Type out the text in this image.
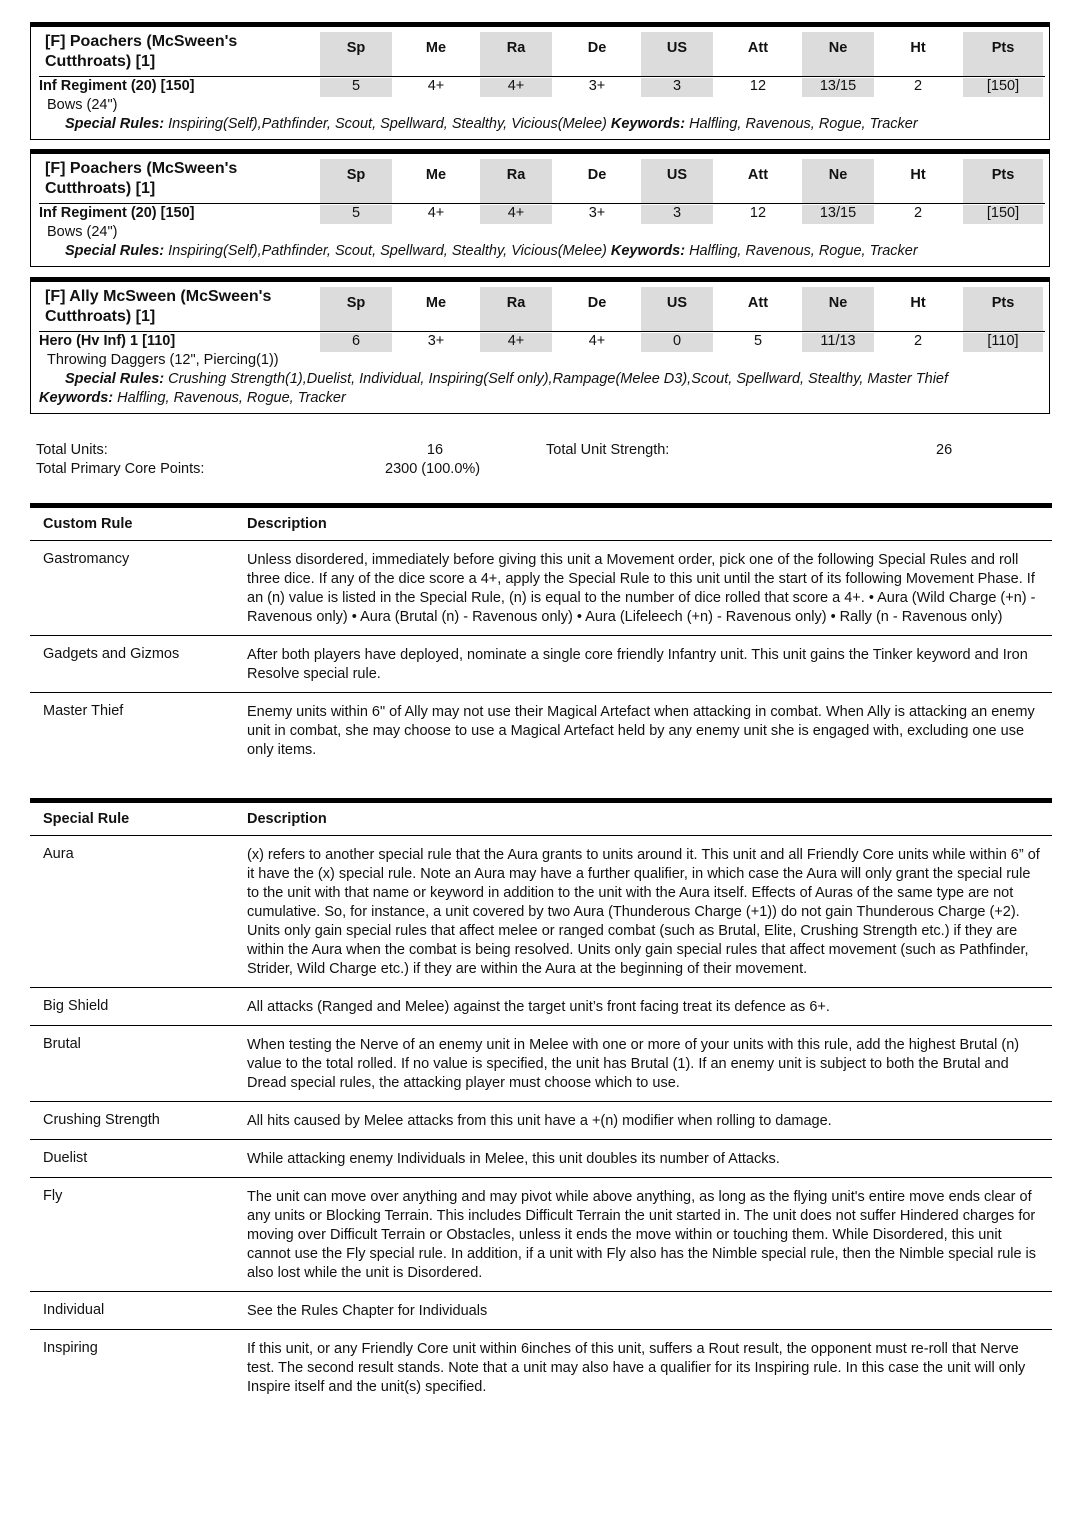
[F] Poachers (McSween's Cutthroats) [1]
Sp	Me	Ra	De	US	Att	Ne	Ht	Pts
Inf Regiment (20) [150]	5	4+	4+	3+	3	12	13/15	2	[150]
Bows (24")
Special Rules: Inspiring(Self),Pathfinder, Scout, Spellward, Stealthy, Vicious(Melee) Keywords: Halfling, Ravenous, Rogue, Tracker
[F] Poachers (McSween's Cutthroats) [1]
Sp	Me	Ra	De	US	Att	Ne	Ht	Pts
Inf Regiment (20) [150]	5	4+	4+	3+	3	12	13/15	2	[150]
Bows (24")
Special Rules: Inspiring(Self),Pathfinder, Scout, Spellward, Stealthy, Vicious(Melee) Keywords: Halfling, Ravenous, Rogue, Tracker
[F] Ally McSween (McSween's Cutthroats) [1]
Sp	Me	Ra	De	US	Att	Ne	Ht	Pts
Hero (Hv Inf) 1 [110]	6	3+	4+	4+	0	5	11/13	2	[110]
Throwing Daggers (12", Piercing(1))
Special Rules: Crushing Strength(1),Duelist, Individual, Inspiring(Self only),Rampage(Melee D3),Scout, Spellward, Stealthy, Master Thief
Keywords: Halfling, Ravenous, Rogue, Tracker
Total Units:	16
Total Primary Core Points:	2300 (100.0%)
Total Unit Strength:	26
Custom Rule	Description
Gastromancy	Unless disordered, immediately before giving this unit a Movement order, pick one of the following Special Rules and roll three dice. If any of the dice score a 4+, apply the Special Rule to this unit until the start of its following Movement Phase. If an (n) value is listed in the Special Rule, (n) is equal to the number of dice rolled that score a 4+. • Aura (Wild Charge (+n) - Ravenous only) • Aura (Brutal (n) - Ravenous only) • Aura (Lifeleech (+n) - Ravenous only) • Rally (n - Ravenous only)
Gadgets and Gizmos	After both players have deployed, nominate a single core friendly Infantry unit. This unit gains the Tinker keyword and Iron Resolve special rule.
Master Thief	Enemy units within 6" of Ally may not use their Magical Artefact when attacking in combat. When Ally is attacking an enemy unit in combat, she may choose to use a Magical Artefact held by any enemy unit she is engaged with, excluding one use only items.
Special Rule	Description
Aura	(x) refers to another special rule that the Aura grants to units around it. This unit and all Friendly Core units while within 6” of it have the (x) special rule. Note an Aura may have a further qualifier, in which case the Aura will only grant the special rule to the unit with that name or keyword in addition to the unit with the Aura itself. Effects of Auras of the same type are not cumulative. So, for instance, a unit covered by two Aura (Thunderous Charge (+1)) do not gain Thunderous Charge (+2). Units only gain special rules that affect melee or ranged combat (such as Brutal, Elite, Crushing Strength etc.) if they are within the Aura when the combat is being resolved. Units only gain special rules that affect movement (such as Pathfinder, Strider, Wild Charge etc.) if they are within the Aura at the beginning of their movement.
Big Shield	All attacks (Ranged and Melee) against the target unit’s front facing treat its defence as 6+.
Brutal	When testing the Nerve of an enemy unit in Melee with one or more of your units with this rule, add the highest Brutal (n) value to the total rolled. If no value is specified, the unit has Brutal (1). If an enemy unit is subject to both the Brutal and Dread special rules, the attacking player must choose which to use.
Crushing Strength	All hits caused by Melee attacks from this unit have a +(n) modifier when rolling to damage.
Duelist	While attacking enemy Individuals in Melee, this unit doubles its number of Attacks.
Fly	The unit can move over anything and may pivot while above anything, as long as the flying unit's entire move ends clear of any units or Blocking Terrain. This includes Difficult Terrain the unit started in. The unit does not suffer Hindered charges for moving over Difficult Terrain or Obstacles, unless it ends the move within or touching them. While Disordered, this unit cannot use the Fly special rule. In addition, if a unit with Fly also has the Nimble special rule, then the Nimble special rule is also lost while the unit is Disordered.
Individual	See the Rules Chapter for Individuals
Inspiring	If this unit, or any Friendly Core unit within 6inches of this unit, suffers a Rout result, the opponent must re-roll that Nerve test. The second result stands. Note that a unit may also have a qualifier for its Inspiring rule. In this case the unit will only Inspire itself and the unit(s) specified.
